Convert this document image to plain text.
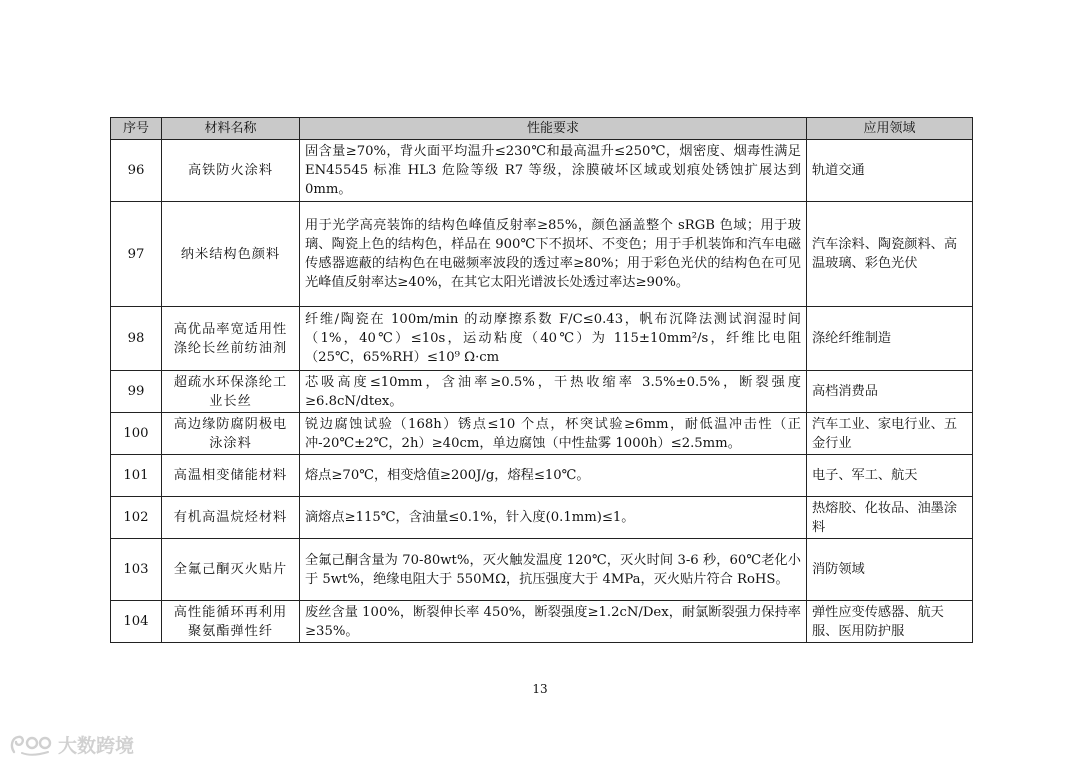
序号	材料名称	性能要求	应用领域
96	高铁防火涂料	固含量≥70%，背火面平均温升≤230℃和最高温升≤250℃，烟密度、烟毒性满足 EN45545 标准 HL3 危险等级 R7 等级，涂膜破坏区域或划痕处锈蚀扩展达到 0mm。	轨道交通
97	纳米结构色颜料	用于光学高亮装饰的结构色峰值反射率≥85%，颜色涵盖整个 sRGB 色域；用于玻璃、陶瓷上色的结构色，样品在 900℃下不损坏、不变色；用于手机装饰和汽车电磁传感器遮蔽的结构色在电磁频率波段的透过率≥80%；用于彩色光伏的结构色在可见光峰值反射率达≥40%，在其它太阳光谱波长处透过率达≥90%。	汽车涂料、陶瓷颜料、高温玻璃、彩色光伏
98	高优品率宽适用性涤纶长丝前纺油剂	纤维/陶瓷在 100m/min 的动摩擦系数 F/C≤0.43，帆布沉降法测试润湿时间（1%，40℃）≤10s，运动粘度（40℃）为 115±10mm²/s，纤维比电阻（25℃，65%RH）≤10⁹ Ω·cm	涤纶纤维制造
99	超疏水环保涤纶工业长丝	芯吸高度≤10mm，含油率≥0.5%，干热收缩率 3.5%±0.5%，断裂强度≥6.8cN/dtex。	高档消费品
100	高边缘防腐阴极电泳涂料	锐边腐蚀试验（168h）锈点≤10 个点，杯突试验≥6mm，耐低温冲击性（正冲-20℃±2℃，2h）≥40cm，单边腐蚀（中性盐雾 1000h）≤2.5mm。	汽车工业、家电行业、五金行业
101	高温相变储能材料	熔点≥70℃，相变焓值≥200J/g，熔程≤10℃。	电子、军工、航天
102	有机高温烷烃材料	滴熔点≥115℃，含油量≤0.1%，针入度(0.1mm)≤1。	热熔胶、化妆品、油墨涂料
103	全氟己酮灭火贴片	全氟己酮含量为 70-80wt%，灭火触发温度 120℃，灭火时间 3-6 秒，60℃老化小于 5wt%，绝缘电阻大于 550MΩ，抗压强度大于 4MPa，灭火贴片符合 RoHS。	消防领域
104	高性能循环再利用聚氨酯弹性纤	废丝含量 100%，断裂伸长率 450%，断裂强度≥1.2cN/Dex，耐氯断裂强力保持率≥35%。	弹性应变传感器、航天服、医用防护服
13
大数跨境
